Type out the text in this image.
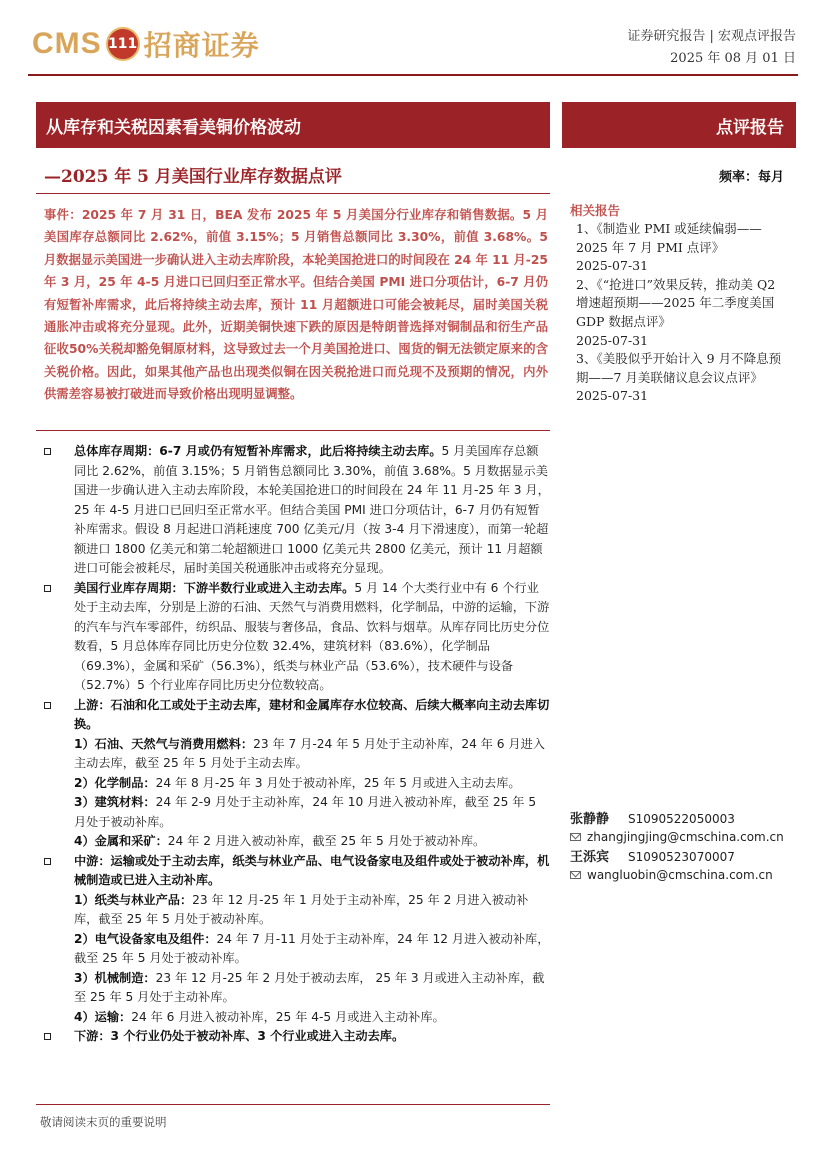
CMS 111 招商证券	证券研究报告 | 宏观点评报告
2025 年 08 月 01 日
从库存和关税因素看美铜价格波动
—2025 年 5 月美国行业库存数据点评
点评报告
频率：每月
事件：2025 年 7 月 31 日，BEA 发布 2025 年 5 月美国分行业库存和销售数据。5 月美国库存总额同比 2.62%，前值 3.15%；5 月销售总额同比 3.30%，前值 3.68%。5 月数据显示美国进一步确认进入主动去库阶段，本轮美国抢进口的时间段在 24 年 11 月-25 年 3 月，25 年 4-5 月进口已回归至正常水平。但结合美国 PMI 进口分项估计，6-7 月仍有短暂补库需求，此后将持续主动去库，预计 11 月超额进口可能会被耗尽，届时美国关税通胀冲击或将充分显现。此外，近期美铜快速下跌的原因是特朗普选择对铜制品和衍生产品征收50%关税却豁免铜原材料，这导致过去一个月美国抢进口、囤货的铜无法锁定原来的含关税价格。因此，如果其他产品也出现类似铜在因关税抢进口而兑现不及预期的情况，内外供需差容易被打破进而导致价格出现明显调整。

总体库存周期：6-7 月或仍有短暂补库需求，此后将持续主动去库。5 月美国库存总额同比 2.62%，前值 3.15%；5 月销售总额同比 3.30%，前值 3.68%。5 月数据显示美国进一步确认进入主动去库阶段，本轮美国抢进口的时间段在 24 年 11 月-25 年 3 月，25 年 4-5 月进口已回归至正常水平。但结合美国 PMI 进口分项估计，6-7 月仍有短暂补库需求。假设 8 月起进口消耗速度 700 亿美元/月（按 3-4 月下滑速度），而第一轮超额进口 1800 亿美元和第二轮超额进口 1000 亿美元共 2800 亿美元，预计 11 月超额进口可能会被耗尽，届时美国关税通胀冲击或将充分显现。

美国行业库存周期：下游半数行业或进入主动去库。5 月 14 个大类行业中有 6 个行业处于主动去库，分别是上游的石油、天然气与消费用燃料，化学制品，中游的运输，下游的汽车与汽车零部件，纺织品、服装与奢侈品，食品、饮料与烟草。从库存同比历史分位数看，5 月总体库存同比历史分位数 32.4%，建筑材料（83.6%），化学制品（69.3%），金属和采矿（56.3%），纸类与林业产品（53.6%），技术硬件与设备（52.7%）5 个行业库存同比历史分位数较高。

上游：石油和化工或处于主动去库，建材和金属库存水位较高、后续大概率向主动去库切换。

1）石油、天然气与消费用燃料：23 年 7 月-24 年 5 月处于主动补库，24 年 6 月进入主动去库，截至 25 年 5 月处于主动去库。

2）化学制品：24 年 8 月-25 年 3 月处于被动补库，25 年 5 月或进入主动去库。

3）建筑材料：24 年 2-9 月处于主动补库，24 年 10 月进入被动补库，截至 25 年 5 月处于被动补库。

4）金属和采矿：24 年 2 月进入被动补库，截至 25 年 5 月处于被动补库。

中游：运输或处于主动去库，纸类与林业产品、电气设备家电及组件或处于被动补库，机械制造或已进入主动补库。

1）纸类与林业产品：23 年 12 月-25 年 1 月处于主动补库，25 年 2 月进入被动补库，截至 25 年 5 月处于被动补库。

2）电气设备家电及组件：24 年 7 月-11 月处于主动补库，24 年 12 月进入被动补库，截至 25 年 5 月处于被动补库。

3）机械制造：23 年 12 月-25 年 2 月处于被动去库， 25 年 3 月或进入主动补库，截至 25 年 5 月处于主动补库。

4）运输：24 年 6 月进入被动补库，25 年 4-5 月或进入主动补库。

下游：3 个行业仍处于被动补库、3 个行业或进入主动去库。

敬请阅读末页的重要说明
相关报告

1、《制造业 PMI 或延续偏弱——2025 年 7 月 PMI 点评》
2025-07-31

2、《“抢进口”效果反转，推动美 Q2 增速超预期——2025 年二季度美国 GDP 数据点评》
2025-07-31

3、《美股似乎开始计入 9 月不降息预期——7 月美联储议息会议点评》2025-07-31

张静静 S1090522050003
zhangjingjing@cmschina.com.cn
王泺宾 S1090523070007
wangluobin@cmschina.com.cn
